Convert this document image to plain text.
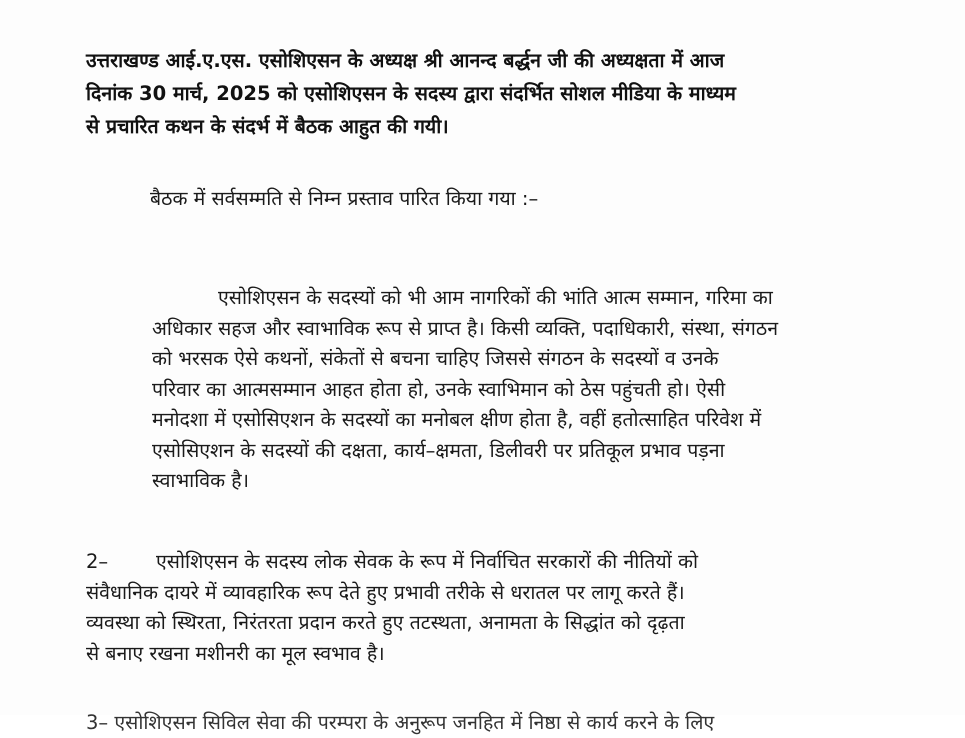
उत्तराखण्ड आई.ए.एस. एसोशिएसन के अध्यक्ष श्री आनन्द बर्द्धन जी की अध्यक्षता में आज
दिनांक 30 मार्च, 2025 को एसोशिएसन के सदस्य द्वारा संदर्भित सोशल मीडिया के माध्यम
से प्रचारित कथन के संदर्भ में बैठक आहुत की गयी।
बैठक में सर्वसम्मति से निम्न प्रस्ताव पारित किया गया :–
एसोशिएसन के सदस्यों को भी आम नागरिकों की भांति आत्म सम्मान, गरिमा का
अधिकार सहज और स्वाभाविक रूप से प्राप्त है। किसी व्यक्ति, पदाधिकारी, संस्था, संगठन
को भरसक ऐसे कथनों, संकेतों से बचना चाहिए जिससे संगठन के सदस्यों व उनके
परिवार का आत्मसम्मान आहत होता हो, उनके स्वाभिमान को ठेस पहुंचती हो। ऐसी
मनोदशा में एसोसिएशन के सदस्यों का मनोबल क्षीण होता है, वहीं हतोत्साहित परिवेश में
एसोसिएशन के सदस्यों की दक्षता, कार्य–क्षमता, डिलीवरी पर प्रतिकूल प्रभाव पड़ना
स्वाभाविक है।
2– एसोशिएसन के सदस्य लोक सेवक के रूप में निर्वाचित सरकारों की नीतियों को
संवैधानिक दायरे में व्यावहारिक रूप देते हुए प्रभावी तरीके से धरातल पर लागू करते हैं।
व्यवस्था को स्थिरता, निरंतरता प्रदान करते हुए तटस्थता, अनामता के सिद्धांत को दृढ़ता
से बनाए रखना मशीनरी का मूल स्वभाव है।
3– एसोशिएसन सिविल सेवा की परम्परा के अनुरूप जनहित में निष्ठा से कार्य करने के लिए
